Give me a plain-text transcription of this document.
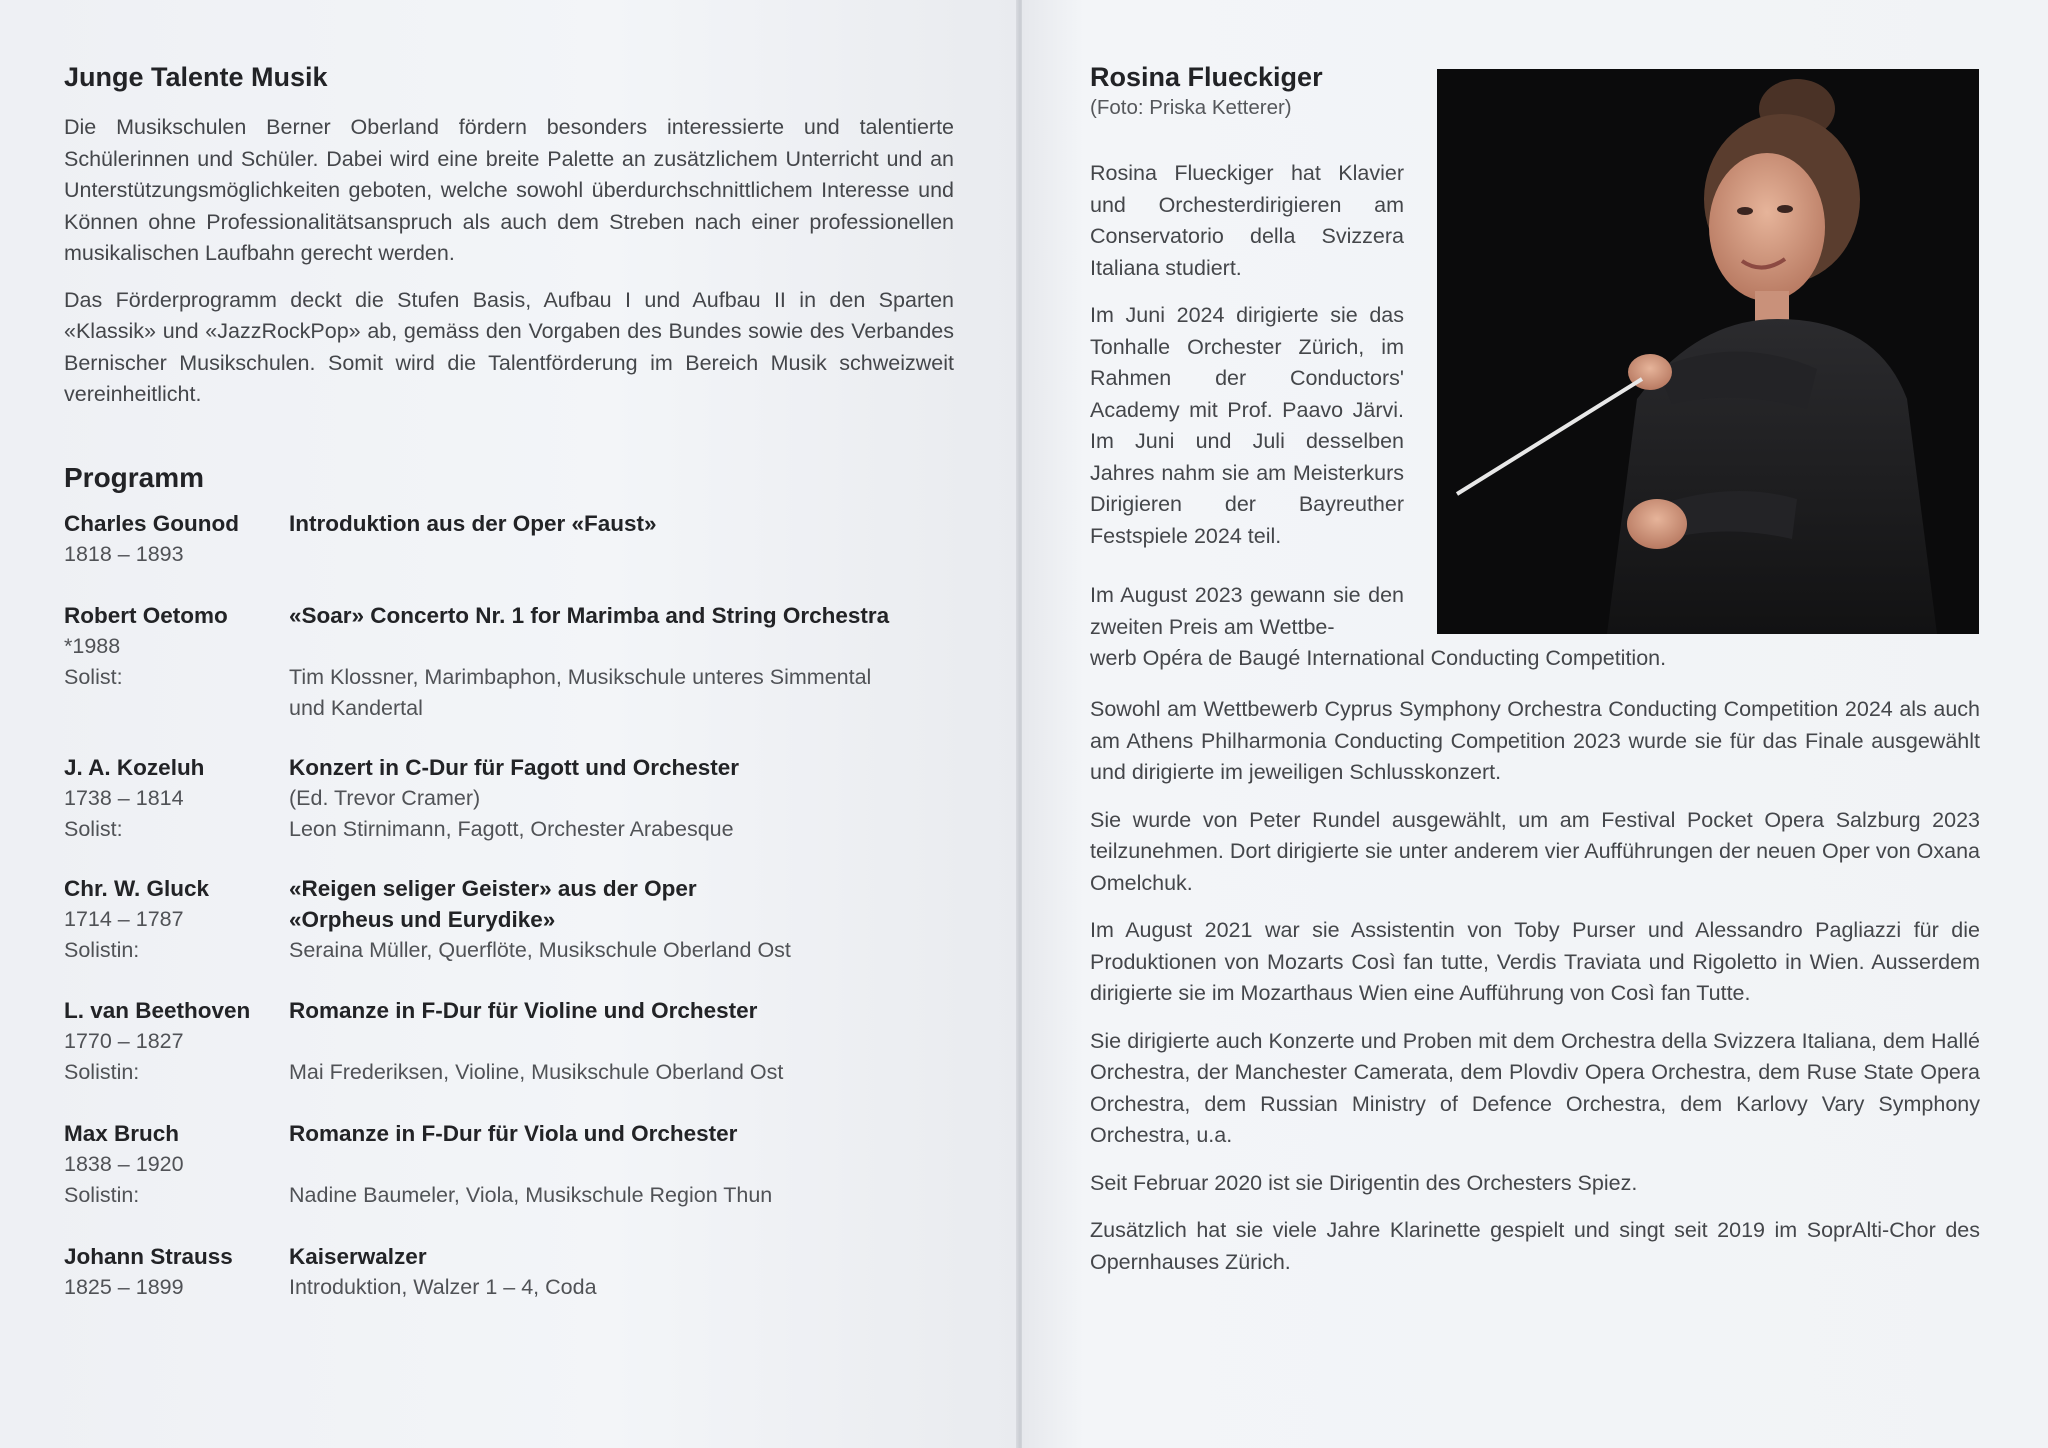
Junge Talente Musik

Die Musikschulen Berner Oberland fördern besonders interessierte und talentierte Schülerinnen und Schüler. Dabei wird eine breite Palette an zusätzlichem Unterricht und an Unterstützungsmöglichkeiten geboten, welche sowohl überdurchschnittlichem Interesse und Können ohne Professionalitätsanspruch als auch dem Streben nach einer professionellen musikalischen Laufbahn gerecht werden.

Das Förderprogramm deckt die Stufen Basis, Aufbau I und Aufbau II in den Sparten «Klassik» und «JazzRockPop» ab, gemäss den Vorgaben des Bundes sowie des Verbandes Bernischer Musikschulen. Somit wird die Talentförderung im Bereich Musik schweizweit vereinheitlicht.

Programm
Charles Gounod
1818 – 1893
Introduktion aus der Oper «Faust»
Robert Oetomo
*1988
Solist:
«Soar» Concerto Nr. 1 for Marimba and String Orchestra
Tim Klossner, Marimbaphon, Musikschule unteres Simmental
und Kandertal
J. A. Kozeluh
1738 – 1814
Solist:
Konzert in C-Dur für Fagott und Orchester
(Ed. Trevor Cramer)
Leon Stirnimann, Fagott, Orchester Arabesque
Chr. W. Gluck
1714 – 1787
Solistin:
«Reigen seliger Geister» aus der Oper
«Orpheus und Eurydike»
Seraina Müller, Querflöte, Musikschule Oberland Ost
L. van Beethoven
1770 – 1827
Solistin:
Romanze in F-Dur für Violine und Orchester
Mai Frederiksen, Violine, Musikschule Oberland Ost
Max Bruch
1838 – 1920
Solistin:
Romanze in F-Dur für Viola und Orchester
Nadine Baumeler, Viola, Musikschule Region Thun
Johann Strauss
1825 – 1899
Kaiserwalzer
Introduktion, Walzer 1 – 4, Coda
Rosina Flueckiger
(Foto: Priska Ketterer)

Rosina Flueckiger hat Klavier und Orchesterdirigieren am Conservatorio della Svizzera Italiana studiert.

Im Juni 2024 dirigierte sie das Tonhalle Orchester Zürich, im Rahmen der Conductors' Academy mit Prof. Paavo Järvi. Im Juni und Juli desselben Jahres nahm sie am Meisterkurs Dirigieren der Bayreuther Festspiele 2024 teil.

Im August 2023 gewann sie den zweiten Preis am Wettbe-

werb Opéra de Baugé International Conducting Competition.

Sowohl am Wettbewerb Cyprus Symphony Orchestra Conducting Competition 2024 als auch am Athens Philharmonia Conducting Competition 2023 wurde sie für das Finale ausgewählt und dirigierte im jeweiligen Schlusskonzert.

Sie wurde von Peter Rundel ausgewählt, um am Festival Pocket Opera Salzburg 2023 teilzunehmen. Dort dirigierte sie unter anderem vier Aufführungen der neuen Oper von Oxana Omelchuk.

Im August 2021 war sie Assistentin von Toby Purser und Alessandro Pagliazzi für die Produktionen von Mozarts Così fan tutte, Verdis Traviata und Rigoletto in Wien. Ausserdem dirigierte sie im Mozarthaus Wien eine Aufführung von Così fan Tutte.

Sie dirigierte auch Konzerte und Proben mit dem Orchestra della Svizzera Italiana, dem Hallé Orchestra, der Manchester Camerata, dem Plovdiv Opera Orchestra, dem Ruse State Opera Orchestra, dem Russian Ministry of Defence Orchestra, dem Karlovy Vary Symphony Orchestra, u.a.

Seit Februar 2020 ist sie Dirigentin des Orchesters Spiez.

Zusätzlich hat sie viele Jahre Klarinette gespielt und singt seit 2019 im SoprAlti-Chor des Opernhauses Zürich.
